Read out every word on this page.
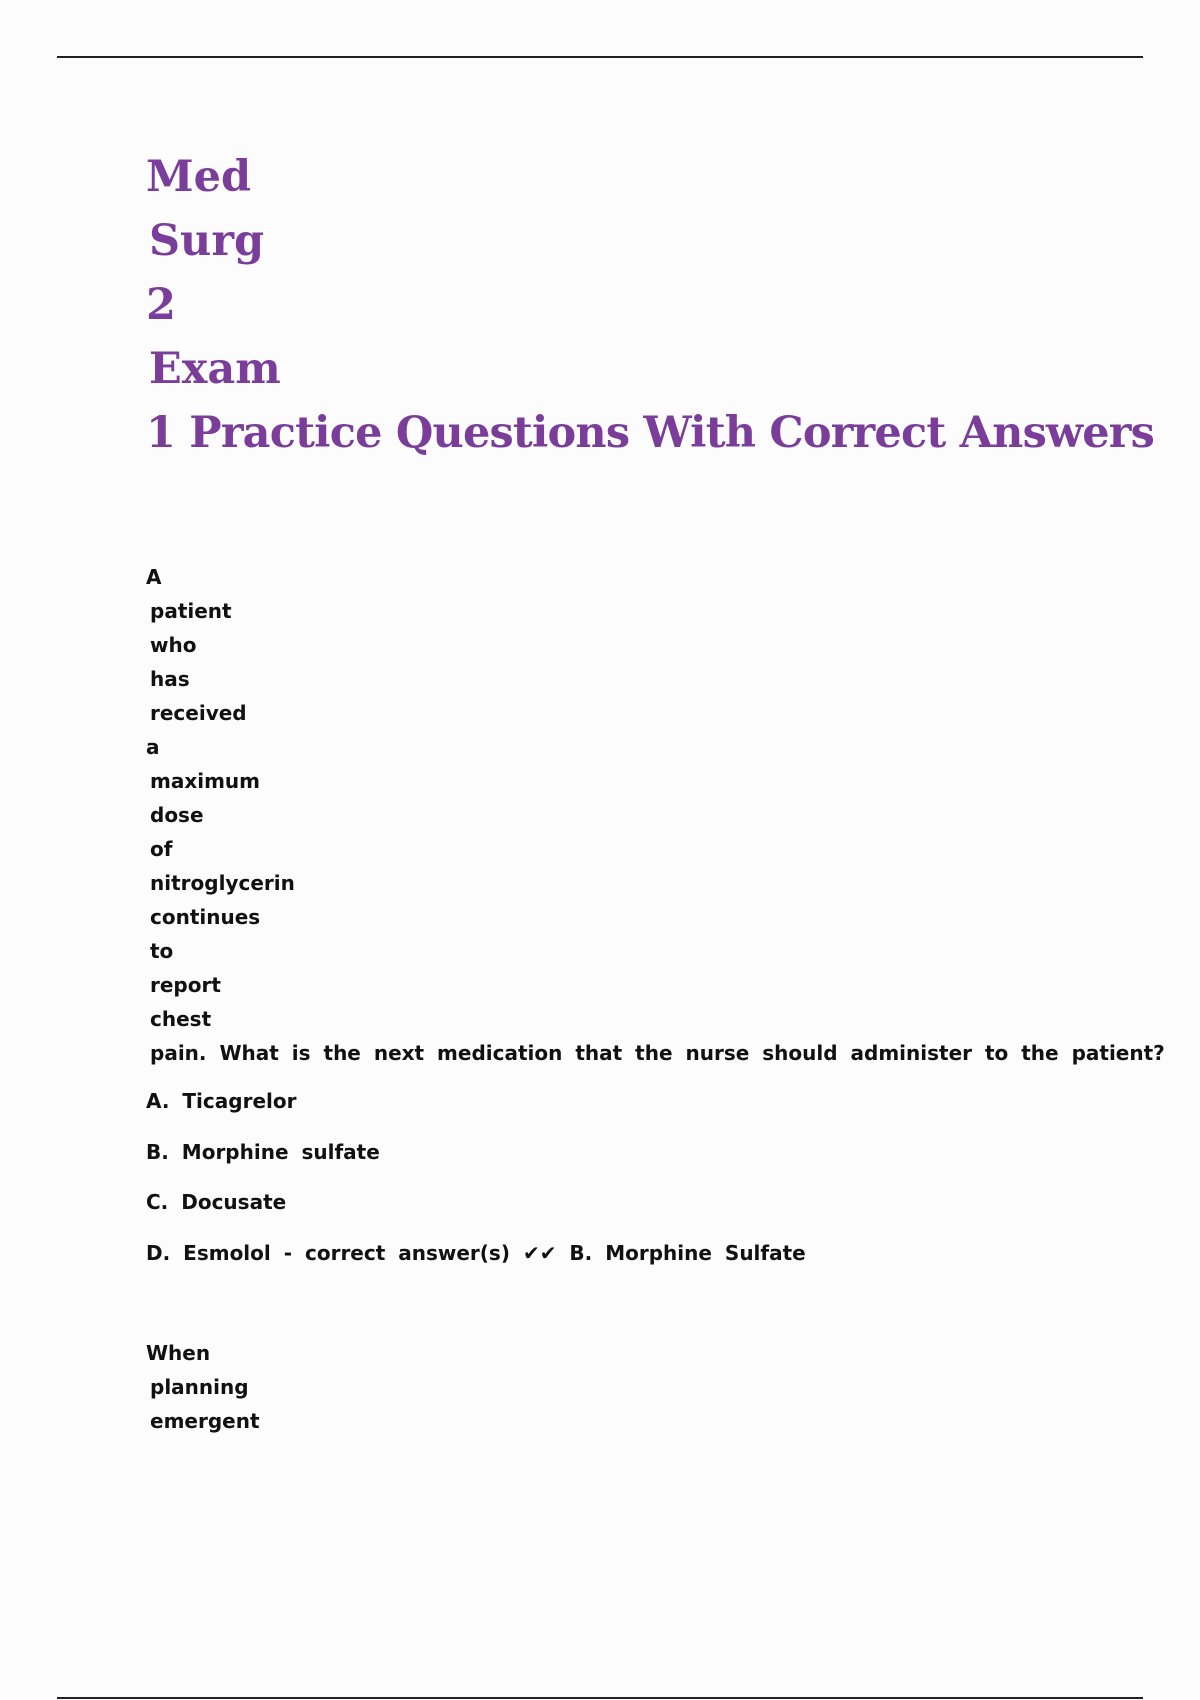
Med
Surg
2
Exam
1 Practice Questions With Correct Answers
A
patient
who
has
received
a
maximum
dose
of
nitroglycerin
continues
to
report
chest
pain. What is the next medication that the nurse should administer to the patient?
A. Ticagrelor
B. Morphine sulfate
C. Docusate
D. Esmolol - correct answer(s) ✔✔ B. Morphine Sulfate
When
planning
emergent
